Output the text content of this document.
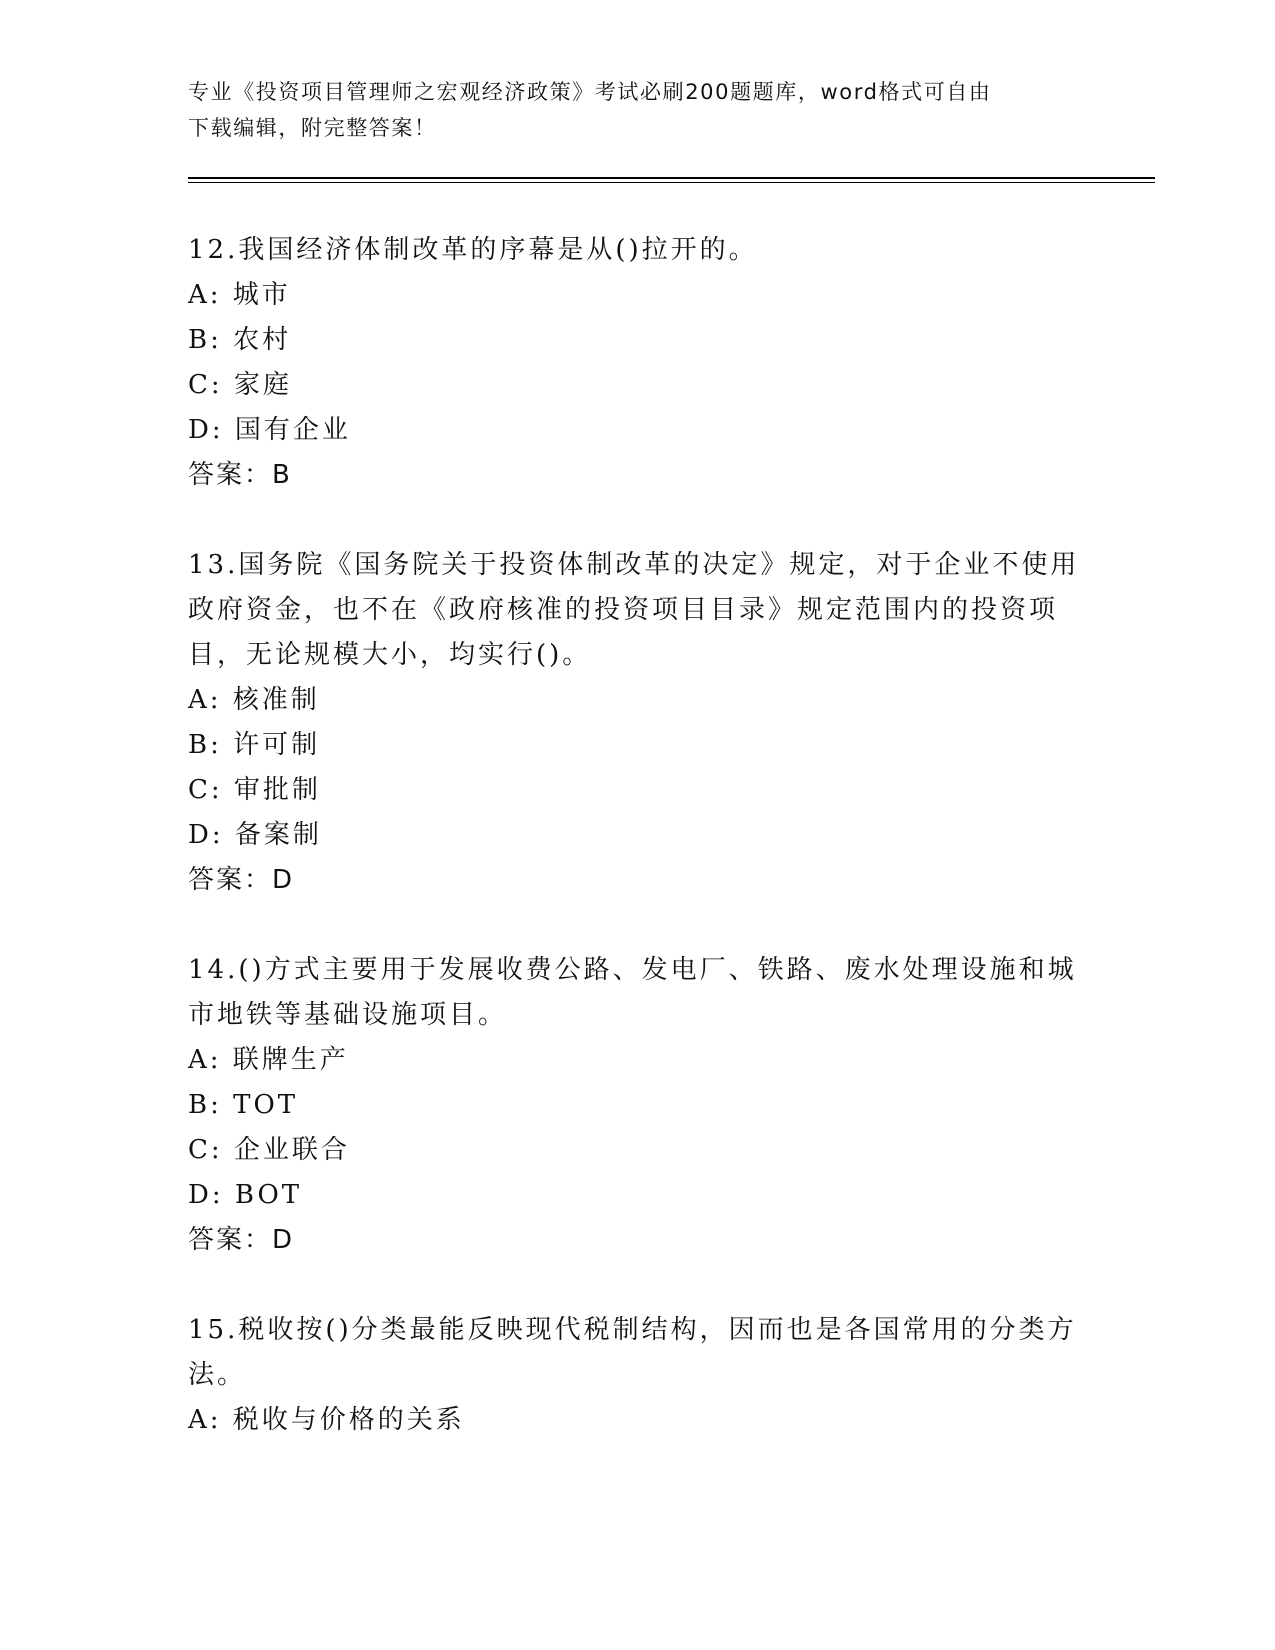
专业《投资项目管理师之宏观经济政策》考试必刷200题题库，word格式可自由
下载编辑，附完整答案！
12.我国经济体制改革的序幕是从()拉开的。
A: 城市
B: 农村
C: 家庭
D: 国有企业
答案：B
13.国务院《国务院关于投资体制改革的决定》规定，对于企业不使用
政府资金，也不在《政府核准的投资项目目录》规定范围内的投资项
目，无论规模大小，均实行()。
A: 核准制
B: 许可制
C: 审批制
D: 备案制
答案：D
14.()方式主要用于发展收费公路、发电厂、铁路、废水处理设施和城
市地铁等基础设施项目。
A: 联牌生产
B: TOT
C: 企业联合
D: BOT
答案：D
15.税收按()分类最能反映现代税制结构，因而也是各国常用的分类方
法。
A: 税收与价格的关系
